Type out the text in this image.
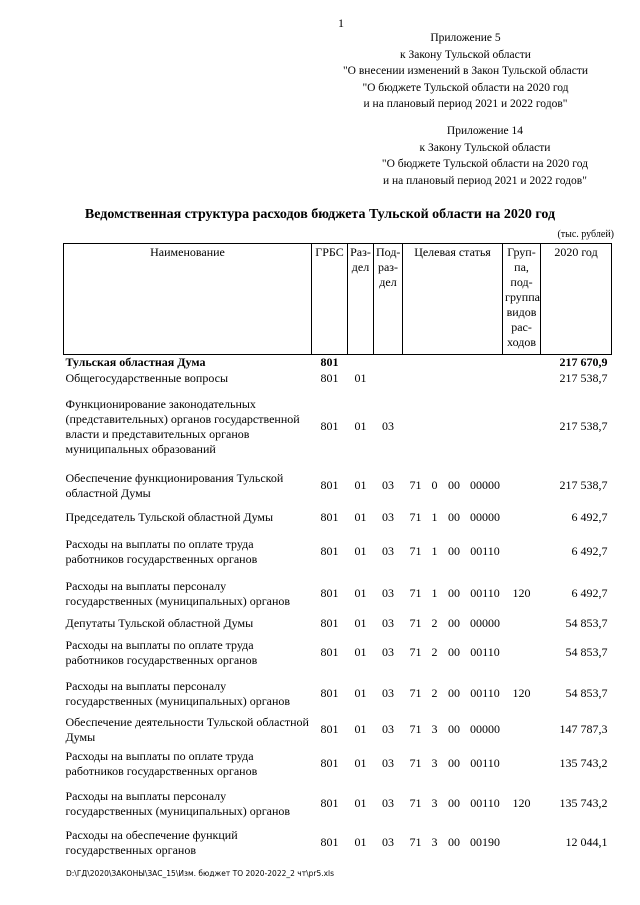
1
Приложение 5
к Закону Тульской области
"О внесении изменений в Закон Тульской области
"О бюджете Тульской области на 2020 год
и на плановый период 2021 и 2022 годов"
Приложение 14
к Закону Тульской области
"О бюджете Тульской области на 2020 год
и на плановый период 2021 и 2022 годов"
Ведомственная структура расходов бюджета Тульской области на 2020 год
(тыс. рублей)
Наименование	ГРБС	Раз-дел	Под-раз-дел	Целевая статья				Груп-па, под-группа видов рас-ходов	2020 год
Тульская областная Дума	801								217 670,9
Общегосударственные вопросы	801	01							217 538,7
Функционирование законодательных (представительных) органов государственной власти и представительных органов муниципальных образований	801	01	03						217 538,7
Обеспечение функционирования Тульской областной Думы	801	01	03	71	0	00	00000		217 538,7
Председатель Тульской областной Думы	801	01	03	71	1	00	00000		6 492,7
Расходы на выплаты по оплате труда работников государственных органов	801	01	03	71	1	00	00110		6 492,7
Расходы на выплаты персоналу государственных (муниципальных) органов	801	01	03	71	1	00	00110	120	6 492,7
Депутаты Тульской областной Думы	801	01	03	71	2	00	00000		54 853,7
Расходы на выплаты по оплате труда работников государственных органов	801	01	03	71	2	00	00110		54 853,7
Расходы на выплаты персоналу государственных (муниципальных) органов	801	01	03	71	2	00	00110	120	54 853,7
Обеспечение деятельности Тульской областной Думы	801	01	03	71	3	00	00000		147 787,3
Расходы на выплаты по оплате труда работников государственных органов	801	01	03	71	3	00	00110		135 743,2
Расходы на выплаты персоналу государственных (муниципальных) органов	801	01	03	71	3	00	00110	120	135 743,2
Расходы на обеспечение функций государственных органов	801	01	03	71	3	00	00190		12 044,1
D:\ГД\2020\ЗАКОНЫ\ЗАС_15\Изм. бюджет ТО 2020-2022_2 чт\pr5.xls
